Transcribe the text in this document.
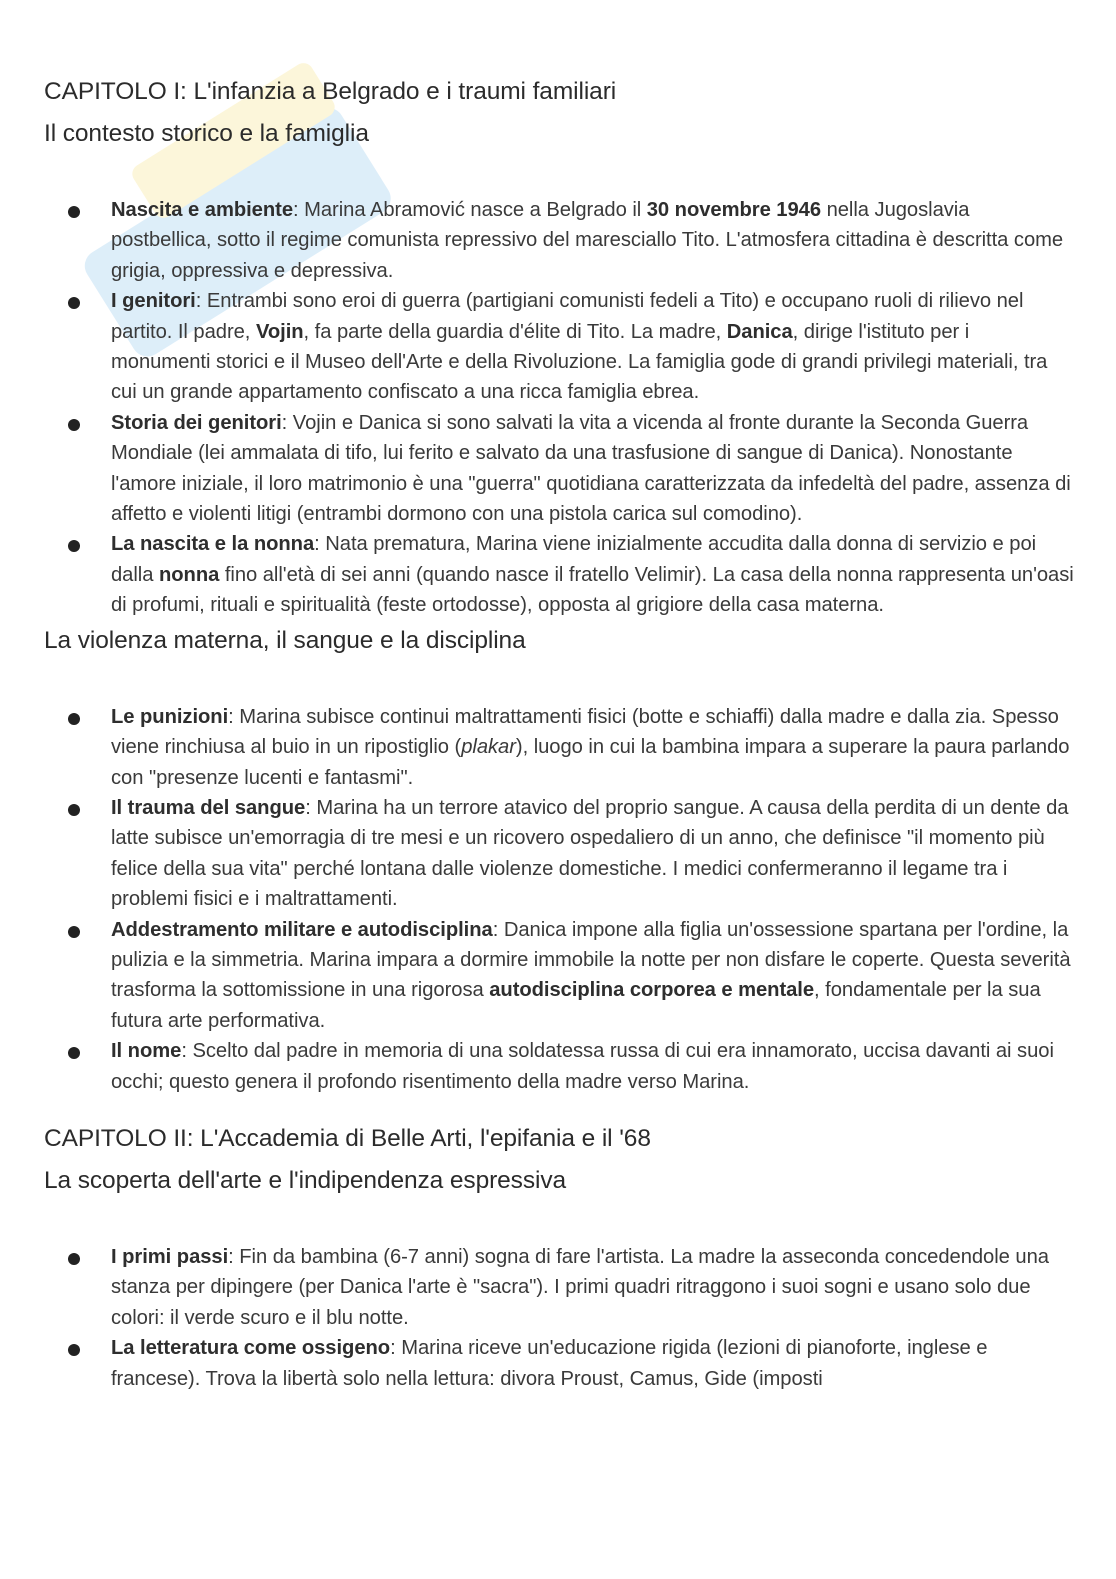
CAPITOLO I: L'infanzia a Belgrado e i traumi familiari
Il contesto storico e la famiglia
Nascita e ambiente: Marina Abramović nasce a Belgrado il 30 novembre 1946 nella Jugoslavia postbellica, sotto il regime comunista repressivo del maresciallo Tito. L'atmosfera cittadina è descritta come grigia, oppressiva e depressiva.
I genitori: Entrambi sono eroi di guerra (partigiani comunisti fedeli a Tito) e occupano ruoli di rilievo nel partito. Il padre, Vojin, fa parte della guardia d'élite di Tito. La madre, Danica, dirige l'istituto per i monumenti storici e il Museo dell'Arte e della Rivoluzione. La famiglia gode di grandi privilegi materiali, tra cui un grande appartamento confiscato a una ricca famiglia ebrea.
Storia dei genitori: Vojin e Danica si sono salvati la vita a vicenda al fronte durante la Seconda Guerra Mondiale (lei ammalata di tifo, lui ferito e salvato da una trasfusione di sangue di Danica). Nonostante l'amore iniziale, il loro matrimonio è una "guerra" quotidiana caratterizzata da infedeltà del padre, assenza di affetto e violenti litigi (entrambi dormono con una pistola carica sul comodino).
La nascita e la nonna: Nata prematura, Marina viene inizialmente accudita dalla donna di servizio e poi dalla nonna fino all'età di sei anni (quando nasce il fratello Velimir). La casa della nonna rappresenta un'oasi di profumi, rituali e spiritualità (feste ortodosse), opposta al grigiore della casa materna.
La violenza materna, il sangue e la disciplina
Le punizioni: Marina subisce continui maltrattamenti fisici (botte e schiaffi) dalla madre e dalla zia. Spesso viene rinchiusa al buio in un ripostiglio (plakar), luogo in cui la bambina impara a superare la paura parlando con "presenze lucenti e fantasmi".
Il trauma del sangue: Marina ha un terrore atavico del proprio sangue. A causa della perdita di un dente da latte subisce un'emorragia di tre mesi e un ricovero ospedaliero di un anno, che definisce "il momento più felice della sua vita" perché lontana dalle violenze domestiche. I medici confermeranno il legame tra i problemi fisici e i maltrattamenti.
Addestramento militare e autodisciplina: Danica impone alla figlia un'ossessione spartana per l'ordine, la pulizia e la simmetria. Marina impara a dormire immobile la notte per non disfare le coperte. Questa severità trasforma la sottomissione in una rigorosa autodisciplina corporea e mentale, fondamentale per la sua futura arte performativa.
Il nome: Scelto dal padre in memoria di una soldatessa russa di cui era innamorato, uccisa davanti ai suoi occhi; questo genera il profondo risentimento della madre verso Marina.
CAPITOLO II: L'Accademia di Belle Arti, l'epifania e il '68
La scoperta dell'arte e l'indipendenza espressiva
I primi passi: Fin da bambina (6-7 anni) sogna di fare l'artista. La madre la asseconda concedendole una stanza per dipingere (per Danica l'arte è "sacra"). I primi quadri ritraggono i suoi sogni e usano solo due colori: il verde scuro e il blu notte.
La letteratura come ossigeno: Marina riceve un'educazione rigida (lezioni di pianoforte, inglese e francese). Trova la libertà solo nella lettura: divora Proust, Camus, Gide (imposti
